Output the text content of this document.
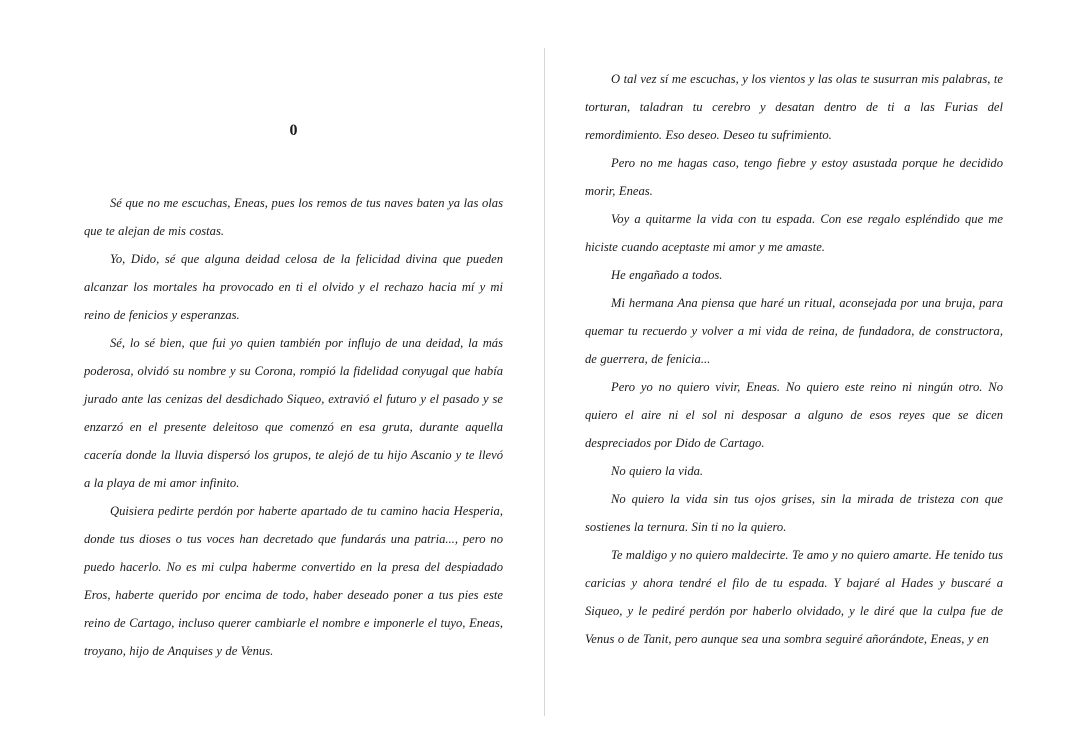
0

Sé que no me escuchas, Eneas, pues los remos de tus naves baten ya las olas que te alejan de mis costas.

Yo, Dido, sé que alguna deidad celosa de la felicidad divina que pueden alcanzar los mortales ha provocado en ti el olvido y el rechazo hacia mí y mi reino de fenicios y esperanzas.

Sé, lo sé bien, que fui yo quien también por influjo de una deidad, la más poderosa, olvidó su nombre y su Corona, rompió la fidelidad conyugal que había jurado ante las cenizas del desdichado Siqueo, extravió el futuro y el pasado y se enzarzó en el presente deleitoso que comenzó en esa gruta, durante aquella cacería donde la lluvia dispersó los grupos, te alejó de tu hijo Ascanio y te llevó a la playa de mi amor infinito.

Quisiera pedirte perdón por haberte apartado de tu camino hacia Hesperia, donde tus dioses o tus voces han decretado que fundarás una patria..., pero no puedo hacerlo. No es mi culpa haberme convertido en la presa del despiadado Eros, haberte querido por encima de todo, haber deseado poner a tus pies este reino de Cartago, incluso querer cambiarle el nombre e imponerle el tuyo, Eneas, troyano, hijo de Anquises y de Venus.

O tal vez sí me escuchas, y los vientos y las olas te susurran mis palabras, te torturan, taladran tu cerebro y desatan dentro de ti a las Furias del remordimiento. Eso deseo. Deseo tu sufrimiento.

Pero no me hagas caso, tengo fiebre y estoy asustada porque he decidido morir, Eneas.

Voy a quitarme la vida con tu espada. Con ese regalo espléndido que me hiciste cuando aceptaste mi amor y me amaste.

He engañado a todos.

Mi hermana Ana piensa que haré un ritual, aconsejada por una bruja, para quemar tu recuerdo y volver a mi vida de reina, de fundadora, de constructora, de guerrera, de fenicia...

Pero yo no quiero vivir, Eneas. No quiero este reino ni ningún otro. No quiero el aire ni el sol ni desposar a alguno de esos reyes que se dicen despreciados por Dido de Cartago.

No quiero la vida.

No quiero la vida sin tus ojos grises, sin la mirada de tristeza con que sostienes la ternura. Sin ti no la quiero.

Te maldigo y no quiero maldecirte. Te amo y no quiero amarte. He tenido tus caricias y ahora tendré el filo de tu espada. Y bajaré al Hades y buscaré a Siqueo, y le pediré perdón por haberlo olvidado, y le diré que la culpa fue de Venus o de Tanit, pero aunque sea una sombra seguiré añorándote, Eneas, y en
